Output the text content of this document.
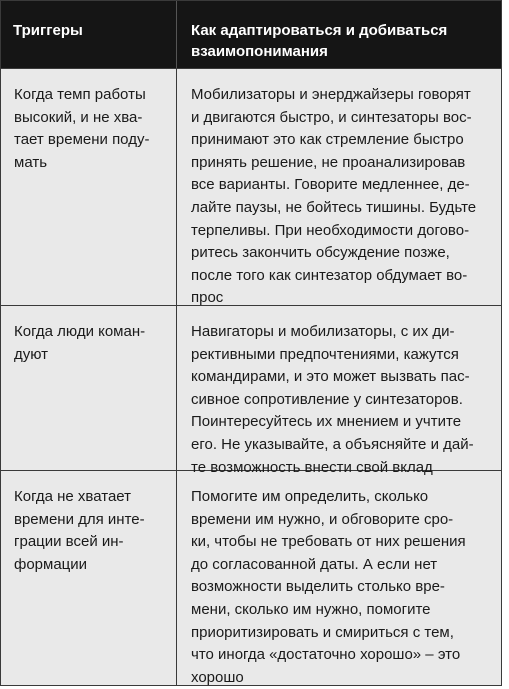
Триггеры	Как адаптироваться и добиваться
взаимопонимания
Когда темп работы
высокий, и не хва-
тает времени поду-
мать
Мобилизаторы и энерджайзеры говорят
и двигаются быстро, и синтезаторы вос-
принимают это как стремление быстро
принять решение, не проанализировав
все варианты. Говорите медленнее, де-
лайте паузы, не бойтесь тишины. Будьте
терпеливы. При необходимости догово-
ритесь закончить обсуждение позже,
после того как синтезатор обдумает во-
прос
Когда люди коман-
дуют
Навигаторы и мобилизаторы, с их ди-
рективными предпочтениями, кажутся
командирами, и это может вызвать пас-
сивное сопротивление у синтезаторов.
Поинтересуйтесь их мнением и учтите
его. Не указывайте, а объясняйте и дай-
те возможность внести свой вклад
Когда не хватает
времени для инте-
грации всей ин-
формации
Помогите им определить, сколько
времени им нужно, и обговорите сро-
ки, чтобы не требовать от них решения
до согласованной даты. А если нет
возможности выделить столько вре-
мени, сколько им нужно, помогите
приоритизировать и смириться с тем,
что иногда «достаточно хорошо» – это
хорошо
